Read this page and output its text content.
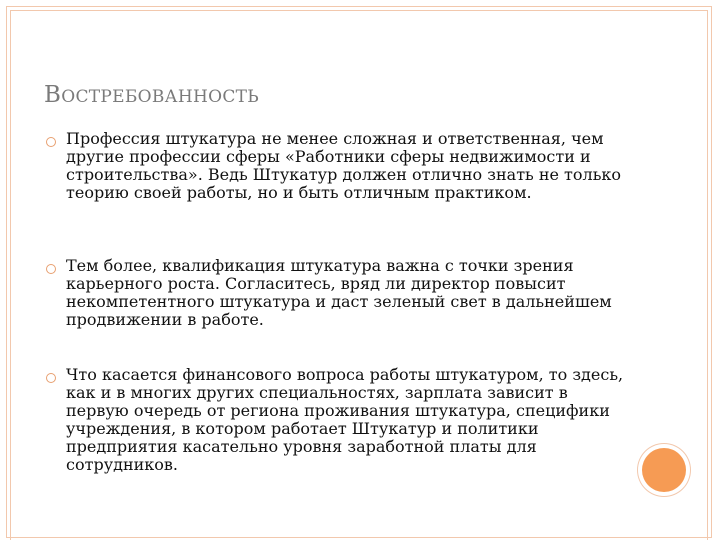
ВОСТРЕБОВАННОСТЬ
Профессия штукатура не менее сложная и ответственная, чем другие профессии сферы «Работники сферы недвижимости и строительства». Ведь Штукатур должен отлично знать не только теорию своей работы, но и быть отличным практиком.
Тем более, квалификация штукатура важна с точки зрения карьерного роста. Согласитесь, вряд ли директор повысит некомпетентного штукатура и даст зеленый свет в дальнейшем продвижении в работе.
Что касается финансового вопроса работы штукатуром, то здесь, как и в многих других специальностях, зарплата зависит в первую очередь от региона проживания штукатура, специфики учреждения, в котором работает Штукатур и политики предприятия касательно уровня заработной платы для сотрудников.
